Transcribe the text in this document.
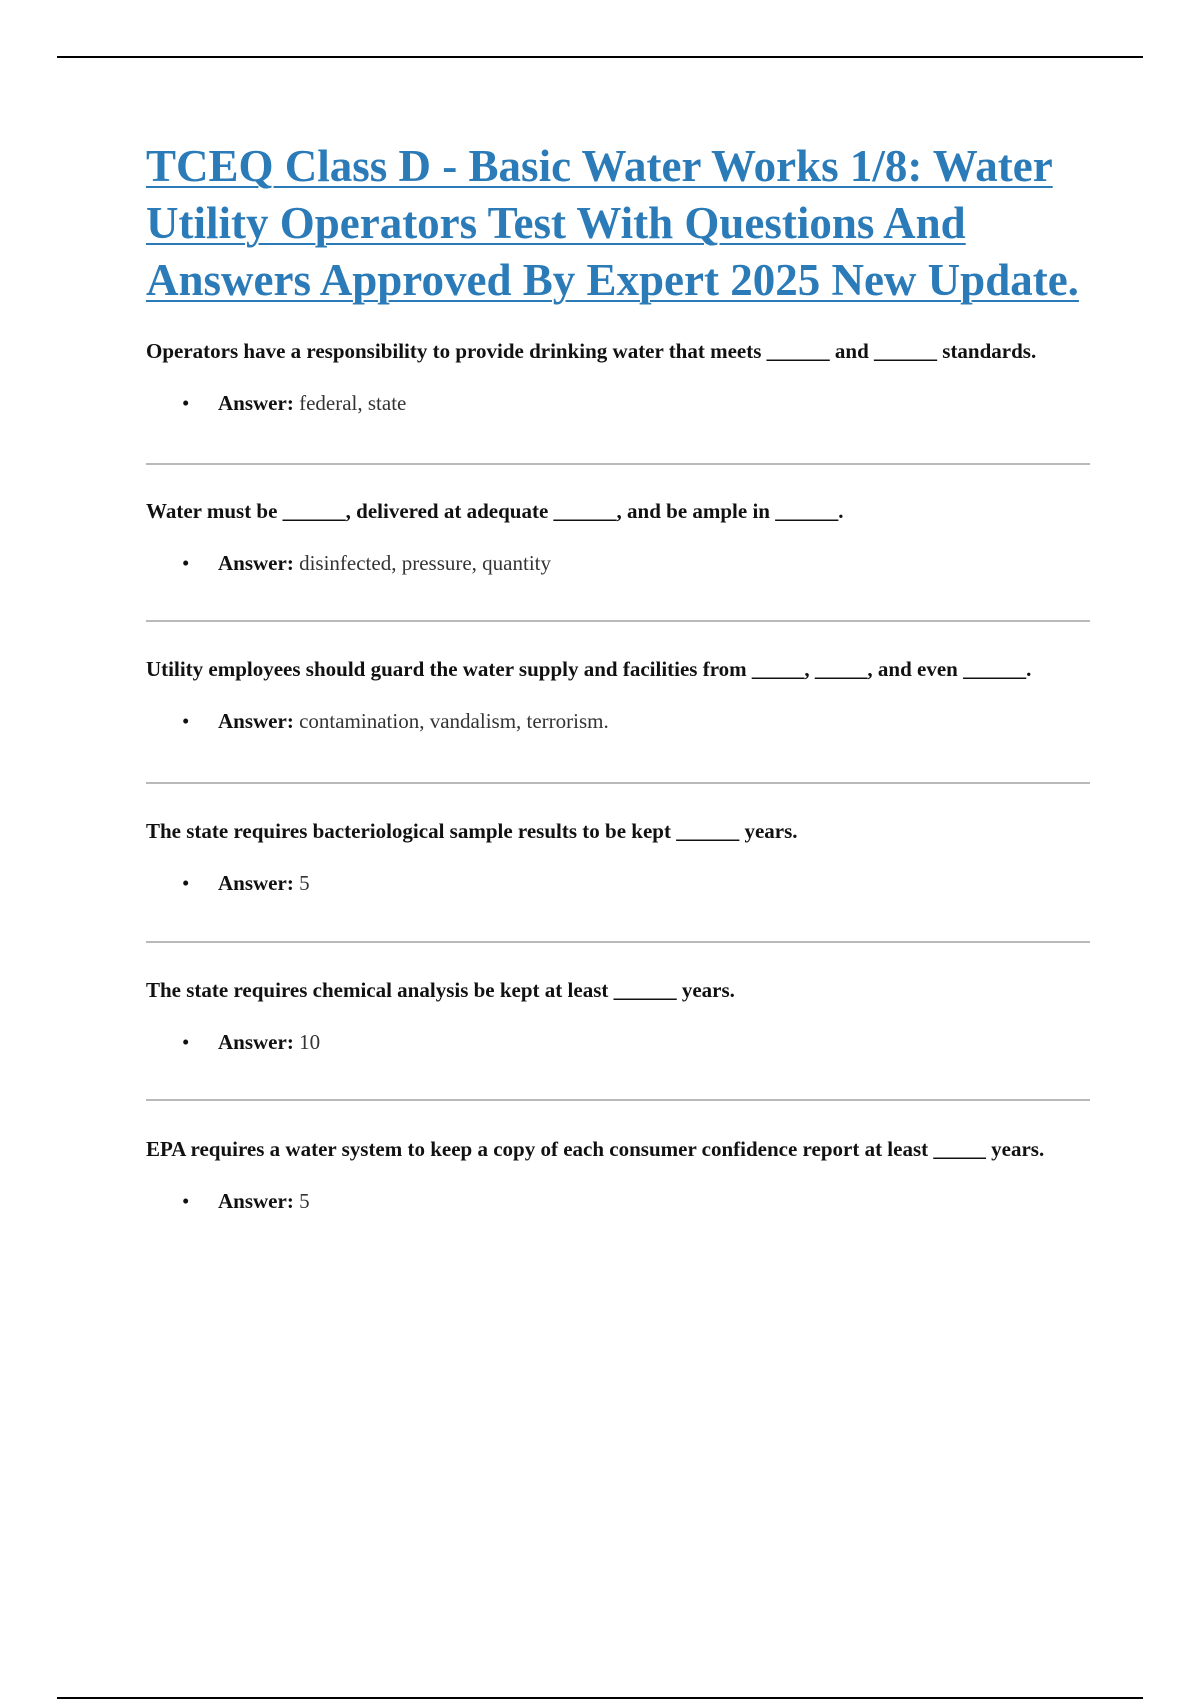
TCEQ Class D - Basic Water Works 1/8: Water Utility Operators Test With Questions And Answers Approved By Expert 2025 New Update.

Operators have a responsibility to provide drinking water that meets ______ and ______ standards.

• Answer: federal, state

Water must be ______, delivered at adequate ______, and be ample in ______.

• Answer: disinfected, pressure, quantity

Utility employees should guard the water supply and facilities from _____, _____, and even ______.

• Answer: contamination, vandalism, terrorism.

The state requires bacteriological sample results to be kept ______ years.

• Answer: 5

The state requires chemical analysis be kept at least ______ years.

• Answer: 10

EPA requires a water system to keep a copy of each consumer confidence report at least _____ years.

• Answer: 5
